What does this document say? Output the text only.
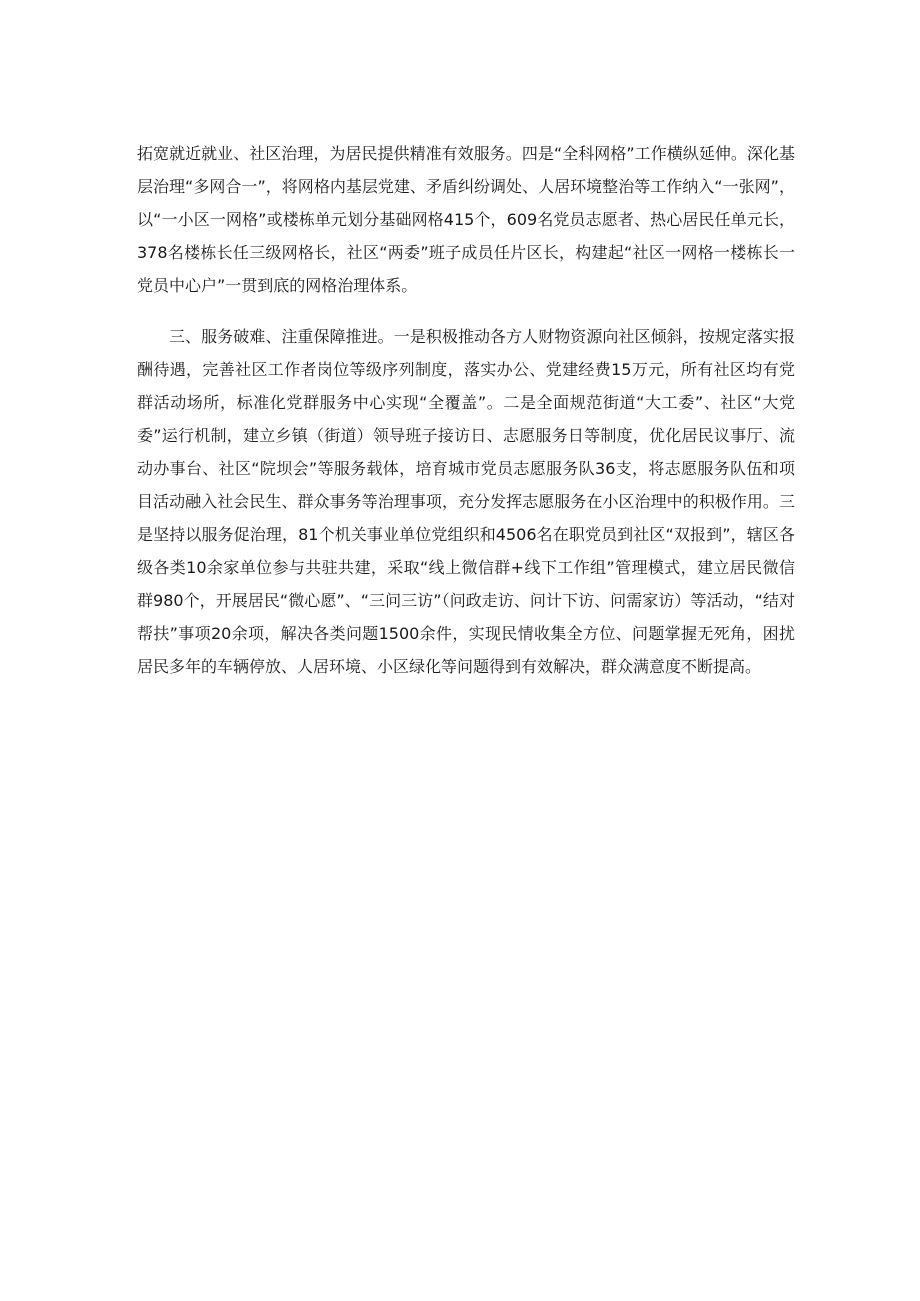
拓宽就近就业、社区治理，为居民提供精准有效服务。四是“全科网格”工作横纵延伸。深化基层治理“多网合一”，将网格内基层党建、矛盾纠纷调处、人居环境整治等工作纳入“一张网”，以“一小区一网格”或楼栋单元划分基础网格415个，609名党员志愿者、热心居民任单元长，378名楼栋长任三级网格长，社区“两委”班子成员任片区长，构建起“社区一网格一楼栋长一党员中心户”一贯到底的网格治理体系。

三、服务破难、注重保障推进。一是积极推动各方人财物资源向社区倾斜，按规定落实报酬待遇，完善社区工作者岗位等级序列制度，落实办公、党建经费15万元，所有社区均有党群活动场所，标准化党群服务中心实现“全覆盖”。二是全面规范街道“大工委”、社区“大党委”运行机制，建立乡镇（街道）领导班子接访日、志愿服务日等制度，优化居民议事厅、流动办事台、社区“院坝会”等服务载体，培育城市党员志愿服务队36支，将志愿服务队伍和项目活动融入社会民生、群众事务等治理事项，充分发挥志愿服务在小区治理中的积极作用。三是坚持以服务促治理，81个机关事业单位党组织和4506名在职党员到社区“双报到”，辖区各级各类10余家单位参与共驻共建，采取“线上微信群+线下工作组”管理模式，建立居民微信群980个，开展居民“微心愿”、“三问三访”（问政走访、问计下访、问需家访）等活动，“结对帮扶”事项20余项，解决各类问题1500余件，实现民情收集全方位、问题掌握无死角，困扰居民多年的车辆停放、人居环境、小区绿化等问题得到有效解决，群众满意度不断提高。
